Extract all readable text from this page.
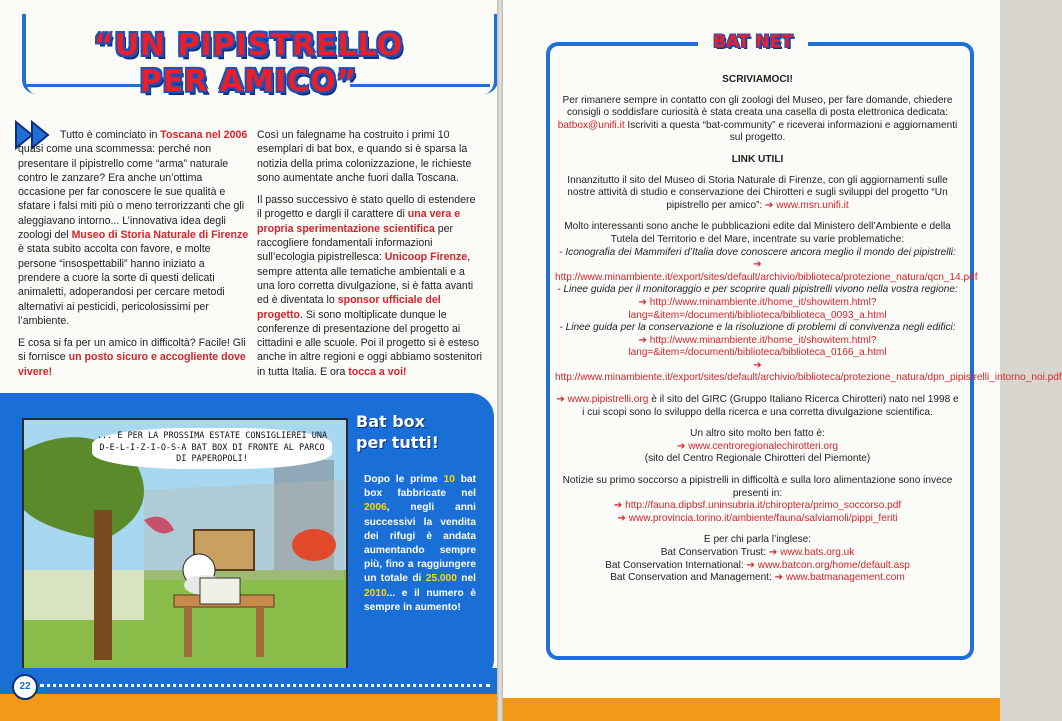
“UN PIPISTRELLO
PER AMICO”

Tutto è cominciato in Toscana nel 2006 quasi come una scommessa: perché non presentare il pipistrello come “arma” naturale contro le zanzare? Era anche un’ottima occasione per far conoscere le sue qualità e sfatare i falsi miti più o meno terrorizzanti che gli aleggiavano intorno... L’innovativa idea degli zoologi del Museo di Storia Naturale di Firenze è stata subito accolta con favore, e molte persone “insospettabili” hanno iniziato a prendere a cuore la sorte di questi delicati animaletti, adoperandosi per cercare metodi alternativi ai pesticidi, pericolosissimi per l’ambiente.

E cosa si fa per un amico in difficoltà? Facile! Gli si fornisce un posto sicuro e accogliente dove vivere!

Così un falegname ha costruito i primi 10 esemplari di bat box, e quando si è sparsa la notizia della prima colonizzazione, le richieste sono aumentate anche fuori dalla Toscana.

Il passo successivo è stato quello di estendere il progetto e dargli il carattere di una vera e propria sperimentazione scientifica per raccogliere fondamentali informazioni sull’ecologia pipistrellesca: Unicoop Firenze, sempre attenta alle tematiche ambientali e a una loro corretta divulgazione, si è fatta avanti ed è diventata lo sponsor ufficiale del progetto. Si sono moltiplicate dunque le conferenze di presentazione del progetto ai cittadini e alle scuole. Poi il progetto si è esteso anche in altre regioni e oggi abbiamo sostenitori in tutta Italia. E ora tocca a voi!

... E PER LA PROSSIMA ESTATE CONSIGLIEREI UNA D-E-L-I-Z-I-O-S-A BAT BOX DI FRONTE AL PARCO DI PAPEROPOLI!
Bat box
per tutti!
Dopo le prime 10 bat box fabbricate nel 2006, negli anni successivi la vendita dei rifugi è andata aumentando sempre più, fino a raggiungere un totale di 25.000 nel 2010... e il numero è sempre in aumento!
22
BAT NET
SCRIVIAMOCI!

Per rimanere sempre in contatto con gli zoologi del Museo, per fare domande, chiedere consigli o soddisfare curiosità è stata creata una casella di posta elettronica dedicata: batbox@unifi.it Iscriviti a questa “bat-community” e riceverai informazioni e aggiornamenti sul progetto.

LINK UTILI

Innanzitutto il sito del Museo di Storia Naturale di Firenze, con gli aggiornamenti sulle nostre attività di studio e conservazione dei Chirotteri e sugli sviluppi del progetto “Un pipistrello per amico”: ➔ www.msn.unifi.it

Molto interessanti sono anche le pubblicazioni edite dal Ministero dell’Ambiente e della Tutela del Territorio e del Mare, incentrate su varie problematiche:
- Iconografia dei Mammiferi d’Italia dove conoscere ancora meglio il mondo dei pipistrelli:
➔ http://www.minambiente.it/export/sites/default/archivio/biblioteca/protezione_natura/qcn_14.pdf
- Linee guida per il monitoraggio e per scoprire quali pipistrelli vivono nella vostra regione:
➔ http://www.minambiente.it/home_it/showitem.html?lang=&item=/documenti/biblioteca/biblioteca_0093_a.html
- Linee guida per la conservazione e la risoluzione di problemi di convivenza negli edifici:
➔ http://www.minambiente.it/home_it/showitem.html?lang=&item=/documenti/biblioteca/biblioteca_0166_a.html
➔ http://www.minambiente.it/export/sites/default/archivio/biblioteca/protezione_natura/dpn_pipistrelli_intorno_noi.pdf

➔ www.pipistrelli.org è il sito del GIRC (Gruppo Italiano Ricerca Chirotteri) nato nel 1998 e i cui scopi sono lo sviluppo della ricerca e una corretta divulgazione scientifica.

Un altro sito molto ben fatto è:
➔ www.centroregionalechirotteri.org
(sito del Centro Regionale Chirotteri del Piemonte)

Notizie su primo soccorso a pipistrelli in difficoltà e sulla loro alimentazione sono invece presenti in:
➔ http://fauna.dipbsf.uninsubria.it/chiroptera/primo_soccorso.pdf
➔ www.provincia.torino.it/ambiente/fauna/salviamoli/pippi_feriti

E per chi parla l’inglese:
Bat Conservation Trust: ➔ www.bats.org.uk
Bat Conservation International: ➔ www.batcon.org/home/default.asp
Bat Conservation and Management: ➔ www.batmanagement.com
